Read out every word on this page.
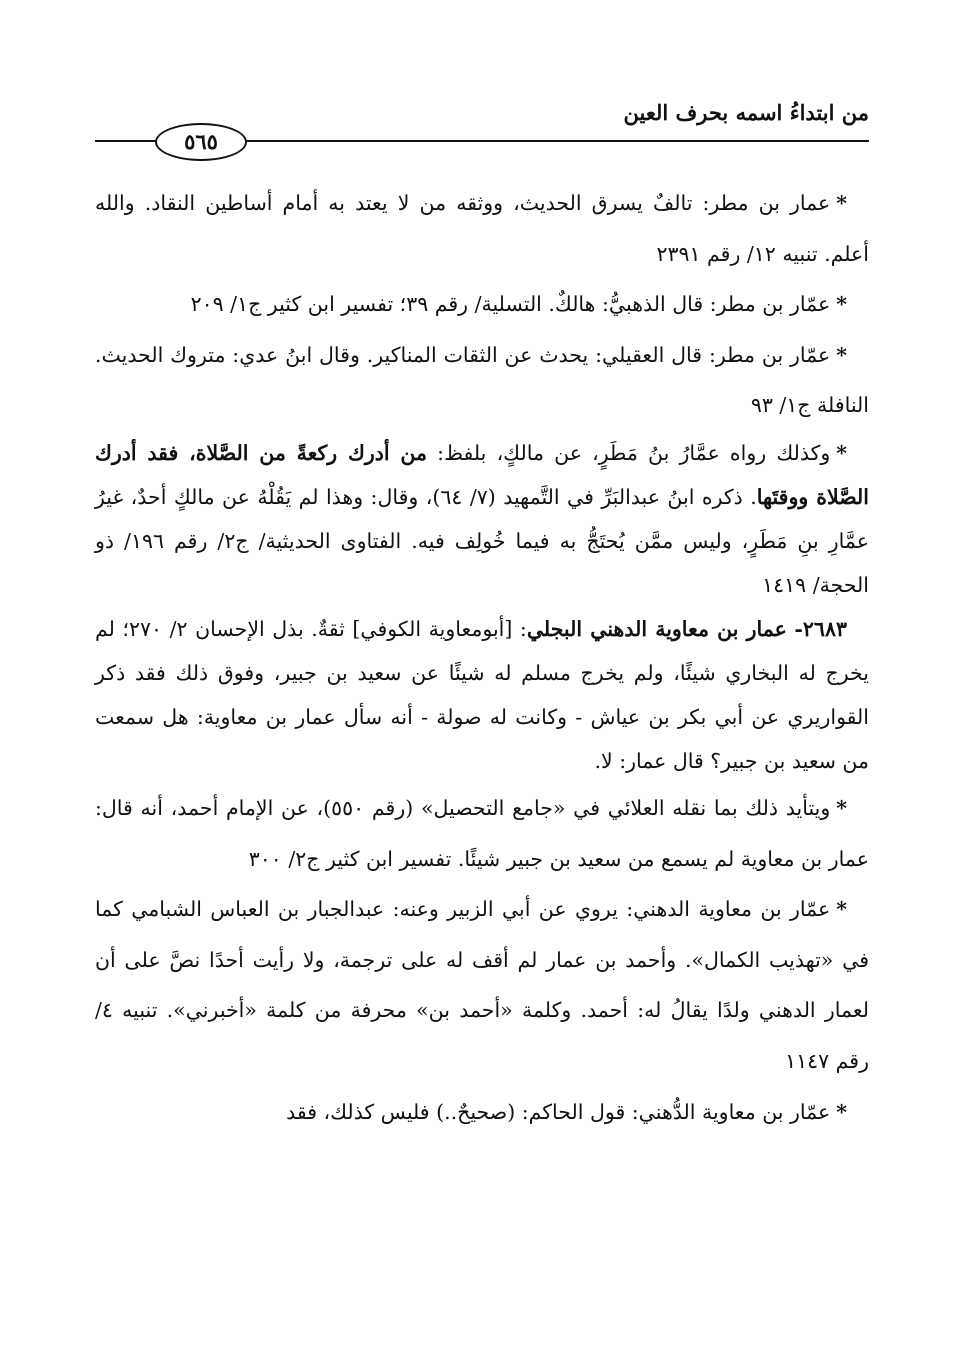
من ابتداءُ اسمه بحرف العين
٥٦٥

*عمار بن مطر: تالفٌ يسرق الحديث، ووثقه من لا يعتد به أمام أساطين النقاد. والله أعلم. تنبيه ١٢/ رقم ٢٣٩١

*عمّار بن مطر: قال الذهبيُّ: هالكٌ. التسلية/ رقم ٣٩؛ تفسير ابن كثير ج١/ ٢٠٩

*عمّار بن مطر: قال العقيلي: يحدث عن الثقات المناكير. وقال ابنُ عدي: متروك الحديث. النافلة ج١/ ٩٣

*وكذلك رواه عمَّارُ بنُ مَطَرٍ، عن مالكٍ، بلفظ: من أدرك ركعةً من الصَّلاة، فقد أدرك الصَّلاة ووقتَها. ذكره ابنُ عبدالبَرِّ في التَّمهيد (٧/ ٦٤)، وقال: وهذا لم يَقُلْهُ عن مالكٍ أحدٌ، غيرُ عمَّارِ بنِ مَطَرٍ، وليس ممَّن يُحتَجُّ به فيما خُولِف فيه. الفتاوى الحديثية/ ج٢/ رقم ١٩٦/ ذو الحجة/ ١٤١٩

٢٦٨٣- عمار بن معاوية الدهني البجلي: [أبومعاوية الكوفي] ثقةٌ. بذل الإحسان ٢/ ٢٧٠؛ لم يخرج له البخاري شيئًا، ولم يخرج مسلم له شيئًا عن سعيد بن جبير، وفوق ذلك فقد ذكر القواريري عن أبي بكر بن عياش - وكانت له صولة - أنه سأل عمار بن معاوية: هل سمعت من سعيد بن جبير؟ قال عمار: لا.

*ويتأيد ذلك بما نقله العلائي في «جامع التحصيل» (رقم ٥٥٠)، عن الإمام أحمد، أنه قال: عمار بن معاوية لم يسمع من سعيد بن جبير شيئًا. تفسير ابن كثير ج٢/ ٣٠٠

*عمّار بن معاوية الدهني: يروي عن أبي الزبير وعنه: عبدالجبار بن العباس الشبامي كما في «تهذيب الكمال». وأحمد بن عمار لم أقف له على ترجمة، ولا رأيت أحدًا نصَّ على أن لعمار الدهني ولدًا يقالُ له: أحمد. وكلمة «أحمد بن» محرفة من كلمة «أخبرني». تنبيه ٤/ رقم ١١٤٧

*عمّار بن معاوية الدُّهني: قول الحاكم: (صحيحٌ..) فليس كذلك، فقد
